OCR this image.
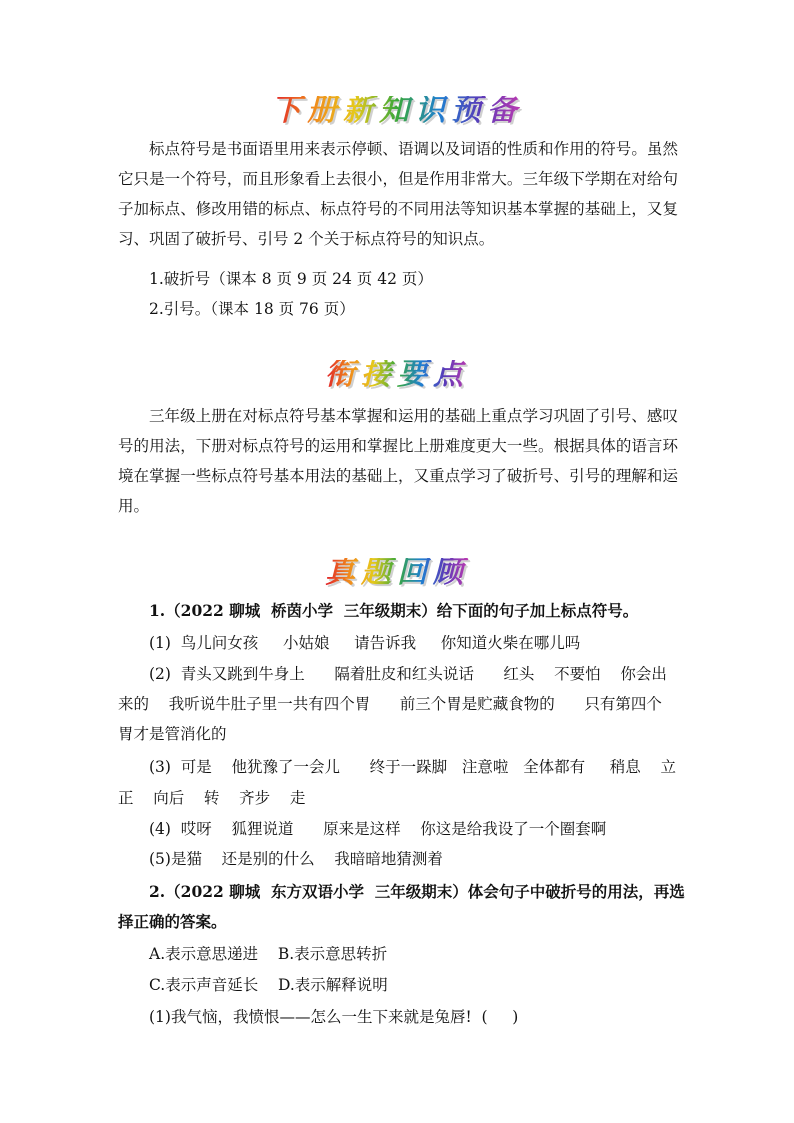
下册新知识预备

标点符号是书面语里用来表示停顿、语调以及词语的性质和作用的符号。虽然它只是一个符号，而且形象看上去很小，但是作用非常大。三年级下学期在对给句子加标点、修改用错的标点、标点符号的不同用法等知识基本掌握的基础上，又复习、巩固了破折号、引号 2 个关于标点符号的知识点。

1.破折号（课本 8 页 9 页 24 页 42 页）

2.引号。（课本 18 页 76 页）

衔接要点

三年级上册在对标点符号基本掌握和运用的基础上重点学习巩固了引号、感叹号的用法，下册对标点符号的运用和掌握比上册难度更大一些。根据具体的语言环境在掌握一些标点符号基本用法的基础上，又重点学习了破折号、引号的理解和运用。

真题回顾

1.（2022 聊城  桥茵小学  三年级期末）给下面的句子加上标点符号。

(1)  鸟儿问女孩     小姑娘     请告诉我     你知道火柴在哪儿吗

(2)  青头又跳到牛身上      隔着肚皮和红头说话      红头    不要怕    你会出

来的    我听说牛肚子里一共有四个胃      前三个胃是贮藏食物的      只有第四个

胃才是管消化的

(3)  可是    他犹豫了一会儿      终于一跺脚   注意啦   全体都有     稍息    立

正    向后    转    齐步    走

(4)  哎呀    狐狸说道      原来是这样    你这是给我设了一个圈套啊

(5)是猫    还是别的什么    我暗暗地猜测着

2.（2022 聊城  东方双语小学  三年级期末）体会句子中破折号的用法，再选

择正确的答案。

A.表示意思递进    B.表示意思转折

C.表示声音延长    D.表示解释说明

(1)我气恼，我愤恨——怎么一生下来就是兔唇!  (     )
